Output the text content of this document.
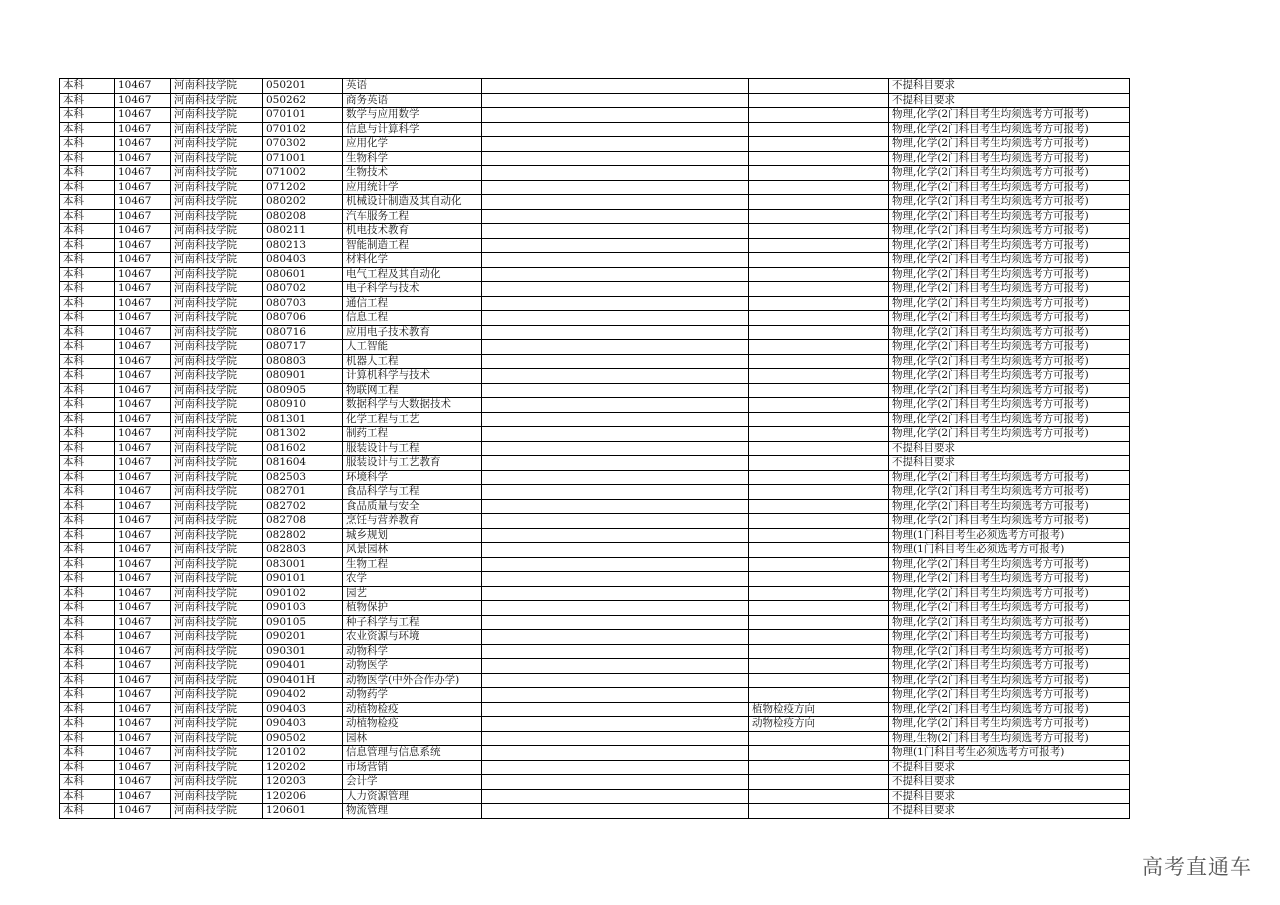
本科	10467	河南科技学院	050201	英语			不提科目要求
本科	10467	河南科技学院	050262	商务英语			不提科目要求
本科	10467	河南科技学院	070101	数学与应用数学			物理,化学(2门科目考生均须选考方可报考)
本科	10467	河南科技学院	070102	信息与计算科学			物理,化学(2门科目考生均须选考方可报考)
本科	10467	河南科技学院	070302	应用化学			物理,化学(2门科目考生均须选考方可报考)
本科	10467	河南科技学院	071001	生物科学			物理,化学(2门科目考生均须选考方可报考)
本科	10467	河南科技学院	071002	生物技术			物理,化学(2门科目考生均须选考方可报考)
本科	10467	河南科技学院	071202	应用统计学			物理,化学(2门科目考生均须选考方可报考)
本科	10467	河南科技学院	080202	机械设计制造及其自动化			物理,化学(2门科目考生均须选考方可报考)
本科	10467	河南科技学院	080208	汽车服务工程			物理,化学(2门科目考生均须选考方可报考)
本科	10467	河南科技学院	080211	机电技术教育			物理,化学(2门科目考生均须选考方可报考)
本科	10467	河南科技学院	080213	智能制造工程			物理,化学(2门科目考生均须选考方可报考)
本科	10467	河南科技学院	080403	材料化学			物理,化学(2门科目考生均须选考方可报考)
本科	10467	河南科技学院	080601	电气工程及其自动化			物理,化学(2门科目考生均须选考方可报考)
本科	10467	河南科技学院	080702	电子科学与技术			物理,化学(2门科目考生均须选考方可报考)
本科	10467	河南科技学院	080703	通信工程			物理,化学(2门科目考生均须选考方可报考)
本科	10467	河南科技学院	080706	信息工程			物理,化学(2门科目考生均须选考方可报考)
本科	10467	河南科技学院	080716	应用电子技术教育			物理,化学(2门科目考生均须选考方可报考)
本科	10467	河南科技学院	080717	人工智能			物理,化学(2门科目考生均须选考方可报考)
本科	10467	河南科技学院	080803	机器人工程			物理,化学(2门科目考生均须选考方可报考)
本科	10467	河南科技学院	080901	计算机科学与技术			物理,化学(2门科目考生均须选考方可报考)
本科	10467	河南科技学院	080905	物联网工程			物理,化学(2门科目考生均须选考方可报考)
本科	10467	河南科技学院	080910	数据科学与大数据技术			物理,化学(2门科目考生均须选考方可报考)
本科	10467	河南科技学院	081301	化学工程与工艺			物理,化学(2门科目考生均须选考方可报考)
本科	10467	河南科技学院	081302	制药工程			物理,化学(2门科目考生均须选考方可报考)
本科	10467	河南科技学院	081602	服装设计与工程			不提科目要求
本科	10467	河南科技学院	081604	服装设计与工艺教育			不提科目要求
本科	10467	河南科技学院	082503	环境科学			物理,化学(2门科目考生均须选考方可报考)
本科	10467	河南科技学院	082701	食品科学与工程			物理,化学(2门科目考生均须选考方可报考)
本科	10467	河南科技学院	082702	食品质量与安全			物理,化学(2门科目考生均须选考方可报考)
本科	10467	河南科技学院	082708	烹饪与营养教育			物理,化学(2门科目考生均须选考方可报考)
本科	10467	河南科技学院	082802	城乡规划			物理(1门科目考生必须选考方可报考)
本科	10467	河南科技学院	082803	风景园林			物理(1门科目考生必须选考方可报考)
本科	10467	河南科技学院	083001	生物工程			物理,化学(2门科目考生均须选考方可报考)
本科	10467	河南科技学院	090101	农学			物理,化学(2门科目考生均须选考方可报考)
本科	10467	河南科技学院	090102	园艺			物理,化学(2门科目考生均须选考方可报考)
本科	10467	河南科技学院	090103	植物保护			物理,化学(2门科目考生均须选考方可报考)
本科	10467	河南科技学院	090105	种子科学与工程			物理,化学(2门科目考生均须选考方可报考)
本科	10467	河南科技学院	090201	农业资源与环境			物理,化学(2门科目考生均须选考方可报考)
本科	10467	河南科技学院	090301	动物科学			物理,化学(2门科目考生均须选考方可报考)
本科	10467	河南科技学院	090401	动物医学			物理,化学(2门科目考生均须选考方可报考)
本科	10467	河南科技学院	090401H	动物医学(中外合作办学)			物理,化学(2门科目考生均须选考方可报考)
本科	10467	河南科技学院	090402	动物药学			物理,化学(2门科目考生均须选考方可报考)
本科	10467	河南科技学院	090403	动植物检疫		植物检疫方向	物理,化学(2门科目考生均须选考方可报考)
本科	10467	河南科技学院	090403	动植物检疫		动物检疫方向	物理,化学(2门科目考生均须选考方可报考)
本科	10467	河南科技学院	090502	园林			物理,生物(2门科目考生均须选考方可报考)
本科	10467	河南科技学院	120102	信息管理与信息系统			物理(1门科目考生必须选考方可报考)
本科	10467	河南科技学院	120202	市场营销			不提科目要求
本科	10467	河南科技学院	120203	会计学			不提科目要求
本科	10467	河南科技学院	120206	人力资源管理			不提科目要求
本科	10467	河南科技学院	120601	物流管理			不提科目要求
高考直通车
